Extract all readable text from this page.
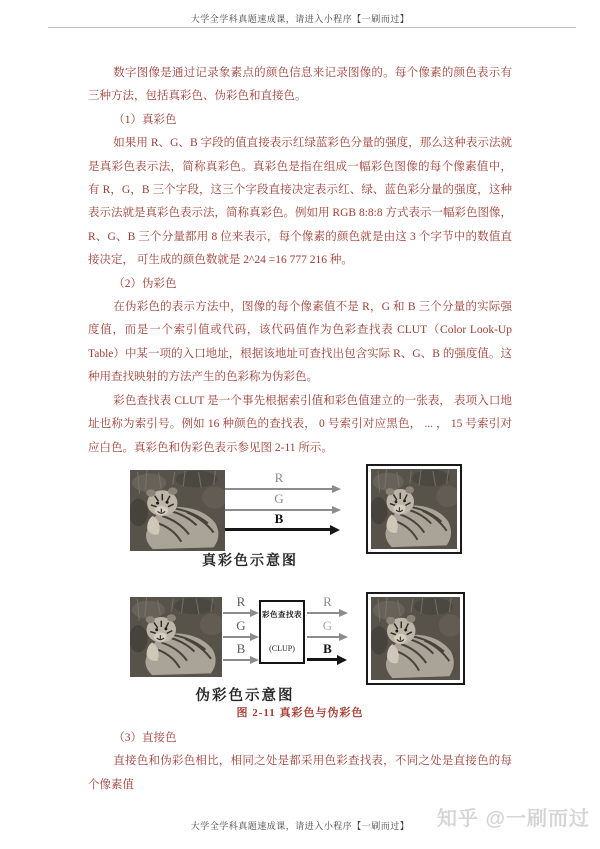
大学全学科真题速成课，请进入小程序【一刷而过】

数字图像是通过记录象素点的颜色信息来记录图像的。每个像素的颜色表示有三种方法，包括真彩色、伪彩色和直接色。

（1）真彩色

如果用 R、G、B 字段的值直接表示红绿蓝彩色分量的强度，那么这种表示法就是真彩色表示法，简称真彩色。真彩色是指在组成一幅彩色图像的每个像素值中，有 R，G，B 三个字段，这三个字段直接决定表示红、绿、蓝色彩分量的强度，这种表示法就是真彩色表示法，简称真彩色。例如用 RGB 8:8:8 方式表示一幅彩色图像， R、G、B 三个分量都用 8 位来表示，每个像素的颜色就是由这 3 个字节中的数值直接决定， 可生成的颜色数就是 2^24 =16 777 216 种。

（2）伪彩色

在伪彩色的表示方法中，图像的每个像素值不是 R，G 和 B 三个分量的实际强度值，而是一个索引值或代码，该代码值作为色彩查找表 CLUT（Color Look-Up Table）中某一项的入口地址，根据该地址可查找出包含实际 R、G、B 的强度值。这种用查找映射的方法产生的色彩称为伪彩色。

彩色查找表 CLUT 是一个事先根据索引值和彩色值建立的一张表， 表项入口地址也称为索引号。例如 16 种颜色的查找表， 0 号索引对应黑色， ... ， 15 号索引对应白色。真彩色和伪彩色表示参见图 2-11 所示。

R
G
B
真彩色示意图
R
G
B
彩色查找表
(CLUP)
R
G
B
伪彩色示意图
图 2-11 真彩色与伪彩色

（3）直接色

直接色和伪彩色相比，相同之处是都采用色彩查找表，不同之处是直接色的每个像素值

大学全学科真题速成课，请进入小程序【一刷而过】	知乎 @一刷而过
